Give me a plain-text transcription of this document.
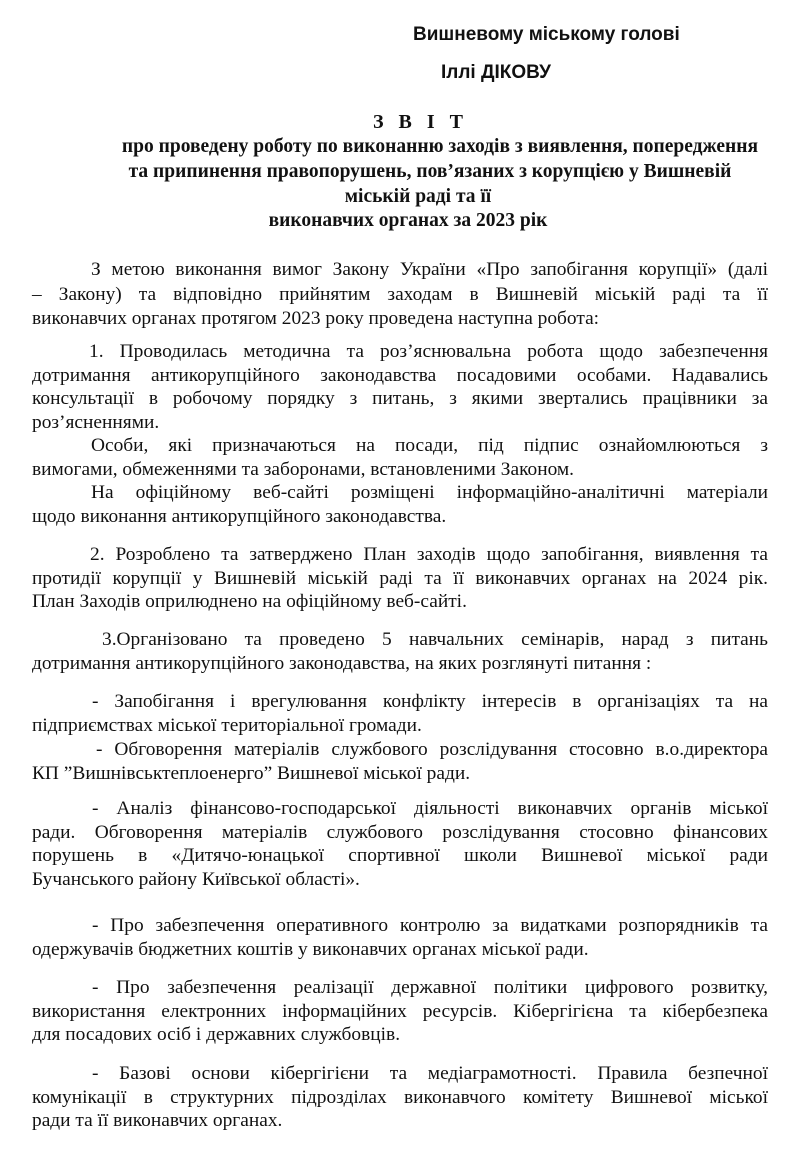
Вишневому міському голові

Іллі ДІКОВУ

З В І Т

про проведену роботу по виконанню заходів з виявлення, попередження

та припинення правопорушень, пов’язаних з корупцією у Вишневій

міській раді та її

виконавчих органах за 2023 рік

З метою виконання вимог Закону України «Про запобігання корупції» (далі
– Закону) та відповідно прийнятим заходам в Вишневій міській раді та її
виконавчих органах протягом 2023 року проведена наступна робота:
1. Проводилась методична та роз’яснювальна робота щодо забезпечення
дотримання антикорупційного законодавства посадовими особами. Надавались
консультації в робочому порядку з питань, з якими звертались працівники за
роз’ясненнями.
Особи, які призначаються на посади, під підпис ознайомлюються з
вимогами, обмеженнями та заборонами, встановленими Законом.
На офіційному веб-сайті розміщені інформаційно-аналітичні матеріали
щодо виконання антикорупційного законодавства.
2. Розроблено та затверджено План заходів щодо запобігання, виявлення та
протидії корупції у Вишневій міській раді та її виконавчих органах на 2024 рік.
План Заходів оприлюднено на офіційному веб-сайті.
3.Організовано та проведено 5 навчальних семінарів, нарад з питань
дотримання антикорупційного законодавства, на яких розглянуті питання :
- Запобігання і врегулювання конфлікту інтересів в організаціях та на
підприємствах міської територіальної громади.
- Обговорення матеріалів службового розслідування стосовно в.о.директора
КП ”Вишнівськтеплоенерго” Вишневої міської ради.
- Аналіз фінансово-господарської діяльності виконавчих органів міської
ради. Обговорення матеріалів службового розслідування стосовно фінансових
порушень в «Дитячо-юнацької спортивної школи Вишневої міської ради
Бучанського району Київської області».
- Про забезпечення оперативного контролю за видатками розпорядників та
одержувачів бюджетних коштів у виконавчих органах міської ради.
- Про забезпечення реалізації державної політики цифрового розвитку,
використання електронних інформаційних ресурсів. Кібергігієна та кібербезпека
для посадових осіб і державних службовців.
- Базові основи кібергігієни та медіаграмотності. Правила безпечної
комунікації в структурних підрозділах виконавчого комітету Вишневої міської
ради та її виконавчих органах.
